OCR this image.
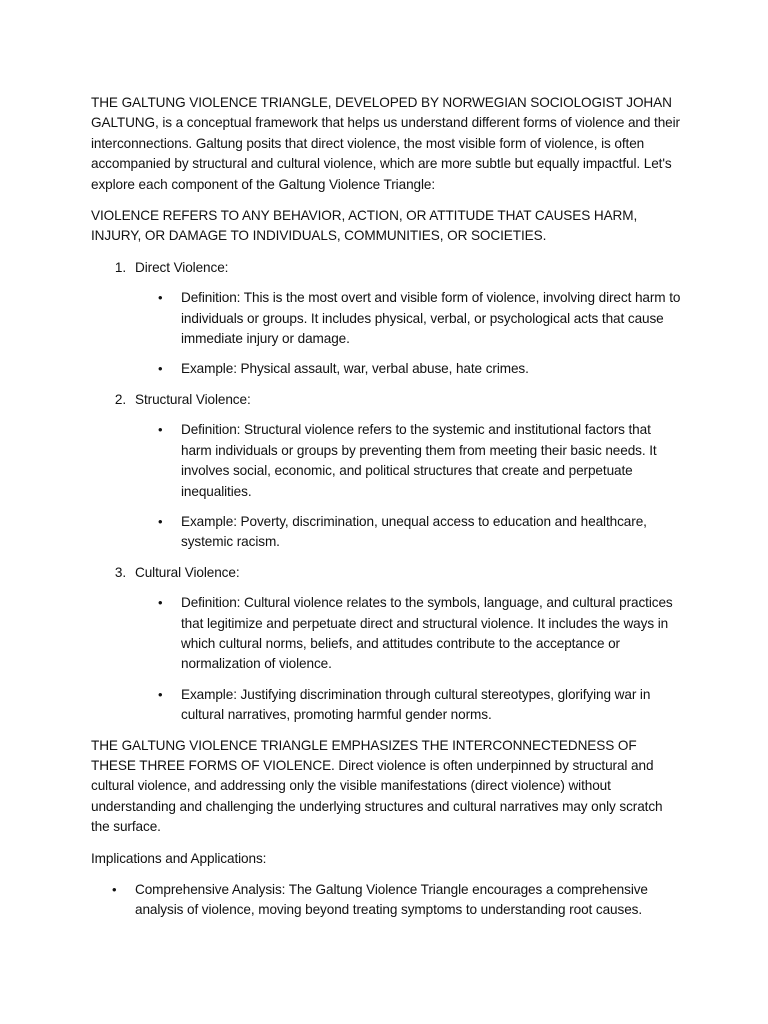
THE GALTUNG VIOLENCE TRIANGLE, DEVELOPED BY NORWEGIAN SOCIOLOGIST JOHAN GALTUNG, is a conceptual framework that helps us understand different forms of violence and their interconnections. Galtung posits that direct violence, the most visible form of violence, is often accompanied by structural and cultural violence, which are more subtle but equally impactful. Let's explore each component of the Galtung Violence Triangle:

VIOLENCE REFERS TO ANY BEHAVIOR, ACTION, OR ATTITUDE THAT CAUSES HARM, INJURY, OR DAMAGE TO INDIVIDUALS, COMMUNITIES, OR SOCIETIES.

1. Direct Violence:
•	Definition: This is the most overt and visible form of violence, involving direct harm to individuals or groups. It includes physical, verbal, or psychological acts that cause immediate injury or damage.
•	Example: Physical assault, war, verbal abuse, hate crimes.
2. Structural Violence:
•	Definition: Structural violence refers to the systemic and institutional factors that harm individuals or groups by preventing them from meeting their basic needs. It involves social, economic, and political structures that create and perpetuate inequalities.
•	Example: Poverty, discrimination, unequal access to education and healthcare, systemic racism.
3. Cultural Violence:
•	Definition: Cultural violence relates to the symbols, language, and cultural practices that legitimize and perpetuate direct and structural violence. It includes the ways in which cultural norms, beliefs, and attitudes contribute to the acceptance or normalization of violence.
•	Example: Justifying discrimination through cultural stereotypes, glorifying war in cultural narratives, promoting harmful gender norms.

THE GALTUNG VIOLENCE TRIANGLE EMPHASIZES THE INTERCONNECTEDNESS OF THESE THREE FORMS OF VIOLENCE. Direct violence is often underpinned by structural and cultural violence, and addressing only the visible manifestations (direct violence) without understanding and challenging the underlying structures and cultural narratives may only scratch the surface.

Implications and Applications:

•	Comprehensive Analysis: The Galtung Violence Triangle encourages a comprehensive analysis of violence, moving beyond treating symptoms to understanding root causes.
